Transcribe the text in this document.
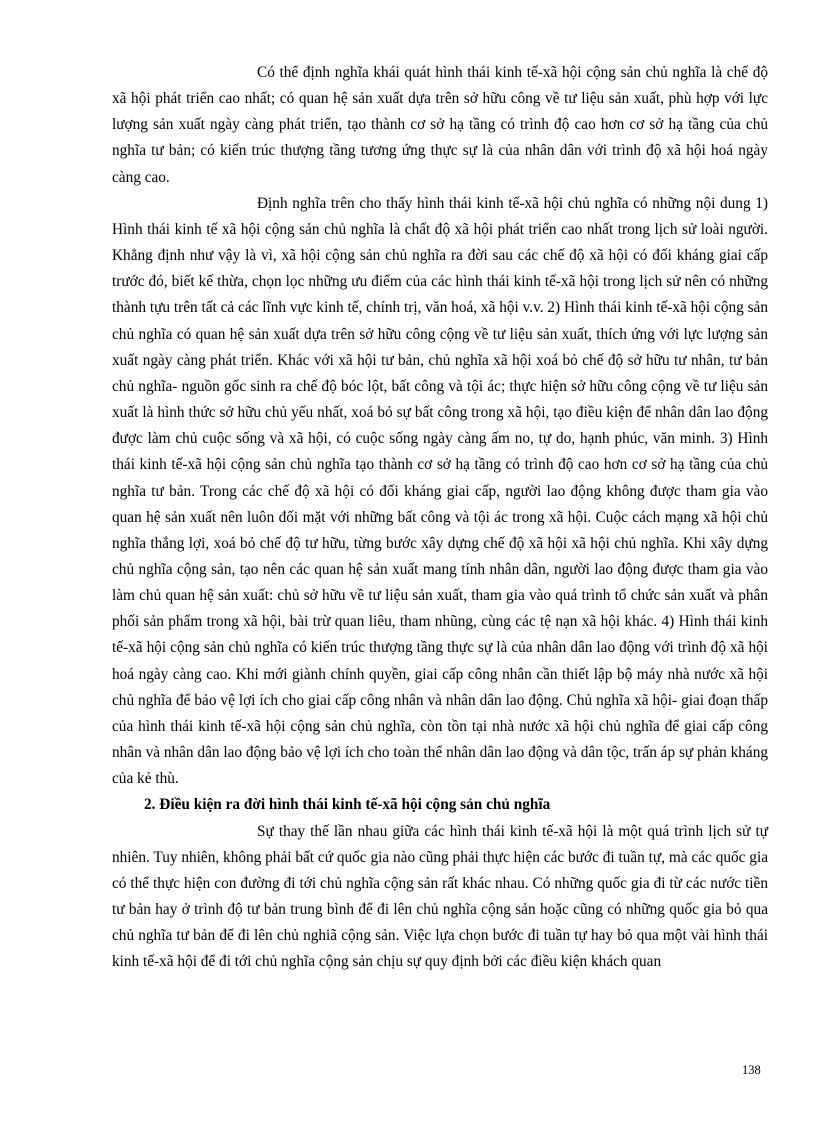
Có thể định nghĩa khái quát hình thái kinh tế-xã hội cộng sản chủ nghĩa là chế độ xã hội phát triển cao nhất; có quan hệ sản xuất dựa trên sở hữu công về tư liệu sản xuất, phù hợp với lực lượng sản xuất ngày càng phát triển, tạo thành cơ sở hạ tầng có trình độ cao hơn cơ sở hạ tầng của chủ nghĩa tư bản; có kiến trúc thượng tầng tương ứng thực sự là của nhân dân với trình độ xã hội hoá ngày càng cao.

Định nghĩa trên cho thấy hình thái kinh tế-xã hội chủ nghĩa có những nội dung 1) Hình thái kinh tế xã hội cộng sản chủ nghĩa là chất độ xã hội phát triển cao nhất trong lịch sử loài người. Khẳng định như vậy là vì, xã hội cộng sản chủ nghĩa ra đời sau các chế độ xã hội có đối kháng giai cấp trước đó, biết kế thừa, chọn lọc những ưu điểm của các hình thái kinh tế-xã hội trong lịch sử nên có những thành tựu trên tất cả các lĩnh vực kinh tế, chính trị, văn hoá, xã hội v.v. 2) Hình thái kinh tế-xã hội cộng sản chủ nghĩa có quan hệ sản xuất dựa trên sở hữu công cộng về tư liệu sản xuất, thích ứng với lực lượng sản xuất ngày càng phát triển. Khác với xã hội tư bản, chủ nghĩa xã hội xoá bỏ chế độ sở hữu tư nhân, tư bản chủ nghĩa- nguồn gốc sinh ra chế độ bóc lột, bất công và tội ác; thực hiện sở hữu công cộng về tư liệu sản xuất là hình thức sở hữu chủ yếu nhất, xoá bỏ sự bất công trong xã hội, tạo điều kiện để nhân dân lao động được làm chủ cuộc sống và xã hội, có cuộc sống ngày càng ấm no, tự do, hạnh phúc, văn minh. 3) Hình thái kinh tế-xã hội cộng sản chủ nghĩa tạo thành cơ sở hạ tầng có trình độ cao hơn cơ sở hạ tầng của chủ nghĩa tư bản. Trong các chế độ xã hội có đối kháng giai cấp, người lao động không được tham gia vào quan hệ sản xuất nên luôn đối mặt với những bất công và tội ác trong xã hội. Cuộc cách mạng xã hội chủ nghĩa thắng lợi, xoá bỏ chế độ tư hữu, từng bước xây dựng chế độ xã hội xã hội chủ nghĩa. Khi xây dựng chủ nghĩa cộng sản, tạo nên các quan hệ sản xuất mang tính nhân dân, người lao động được tham gia vào làm chủ quan hệ sản xuất: chủ sở hữu về tư liệu sản xuất, tham gia vào quá trình tổ chức sản xuất và phân phối sản phẩm trong xã hội, bài trừ quan liêu, tham nhũng, cùng các tệ nạn xã hội khác. 4) Hình thái kinh tế-xã hội cộng sản chủ nghĩa có kiến trúc thượng tầng thực sự là của nhân dân lao động với trình độ xã hội hoá ngày càng cao. Khi mới giành chính quyền, giai cấp công nhân cần thiết lập bộ máy nhà nước xã hội chủ nghĩa để bảo vệ lợi ích cho giai cấp công nhân và nhân dân lao động. Chủ nghĩa xã hội- giai đoạn thấp của hình thái kinh tế-xã hội cộng sản chủ nghĩa, còn tồn tại nhà nước xã hội chủ nghĩa để giai cấp công nhân và nhân dân lao động bảo vệ lợi ích cho toàn thể nhân dân lao động và dân tộc, trấn áp sự phản kháng của kẻ thù.

2. Điều kiện ra đời hình thái kinh tế-xã hội cộng sản chủ nghĩa

Sự thay thế lần nhau giữa các hình thái kinh tế-xã hội là một quá trình lịch sử tự nhiên. Tuy nhiên, không phải bất cứ quốc gia nào cũng phải thực hiện các bước đi tuần tự, mà các quốc gia có thể thực hiện con đường đi tới chủ nghĩa cộng sản rất khác nhau. Có những quốc gia đi từ các nước tiền tư bản hay ở trình độ tư bản trung bình để đi lên chủ nghĩa cộng sản hoặc cũng có những quốc gia bỏ qua chủ nghĩa tư bản để đi lên chủ nghiã cộng sản. Việc lựa chọn bước đi tuần tự hay bỏ qua một vài hình thái kinh tế-xã hội để đi tới chủ nghĩa cộng sản chịu sự quy định bởi các điều kiện khách quan

138
